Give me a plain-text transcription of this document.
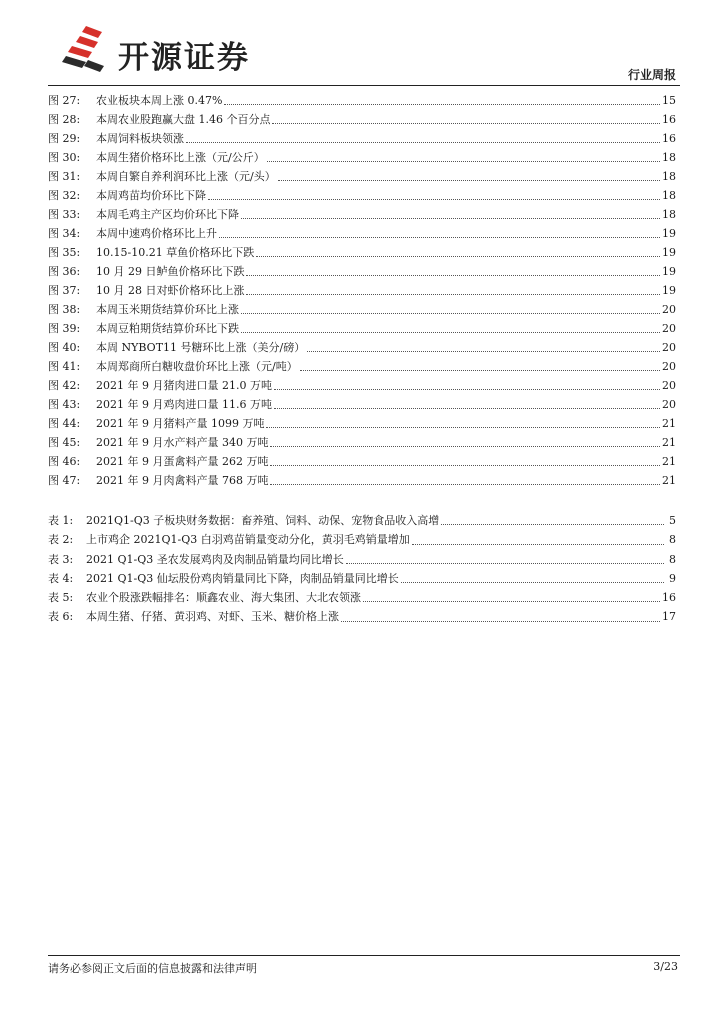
开源证券	行业周报
图 27:	农业板块本周上涨 0.47%	15
图 28:	本周农业股跑赢大盘 1.46 个百分点	16
图 29:	本周饲料板块领涨	16
图 30:	本周生猪价格环比上涨（元/公斤）	18
图 31:	本周自繁自养利润环比上涨（元/头）	18
图 32:	本周鸡苗均价环比下降	18
图 33:	本周毛鸡主产区均价环比下降	18
图 34:	本周中速鸡价格环比上升	19
图 35:	10.15-10.21 草鱼价格环比下跌	19
图 36:	10 月 29 日鲈鱼价格环比下跌	19
图 37:	10 月 28 日对虾价格环比上涨	19
图 38:	本周玉米期货结算价环比上涨	20
图 39:	本周豆粕期货结算价环比下跌	20
图 40:	本周 NYBOT11 号糖环比上涨（美分/磅）	20
图 41:	本周郑商所白糖收盘价环比上涨（元/吨）	20
图 42:	2021 年 9 月猪肉进口量 21.0 万吨	20
图 43:	2021 年 9 月鸡肉进口量 11.6 万吨	20
图 44:	2021 年 9 月猪料产量 1099 万吨	21
图 45:	2021 年 9 月水产料产量 340 万吨	21
图 46:	2021 年 9 月蛋禽料产量 262 万吨	21
图 47:	2021 年 9 月肉禽料产量 768 万吨	21
表 1:	2021Q1-Q3 子板块财务数据：畜养殖、饲料、动保、宠物食品收入高增	5
表 2:	上市鸡企 2021Q1-Q3 白羽鸡苗销量变动分化，黄羽毛鸡销量增加	8
表 3:	2021 Q1-Q3 圣农发展鸡肉及肉制品销量均同比增长	8
表 4:	2021 Q1-Q3 仙坛股份鸡肉销量同比下降，肉制品销量同比增长	9
表 5:	农业个股涨跌幅排名：顺鑫农业、海大集团、大北农领涨	16
表 6:	本周生猪、仔猪、黄羽鸡、对虾、玉米、糖价格上涨	17
请务必参阅正文后面的信息披露和法律声明	3/23
